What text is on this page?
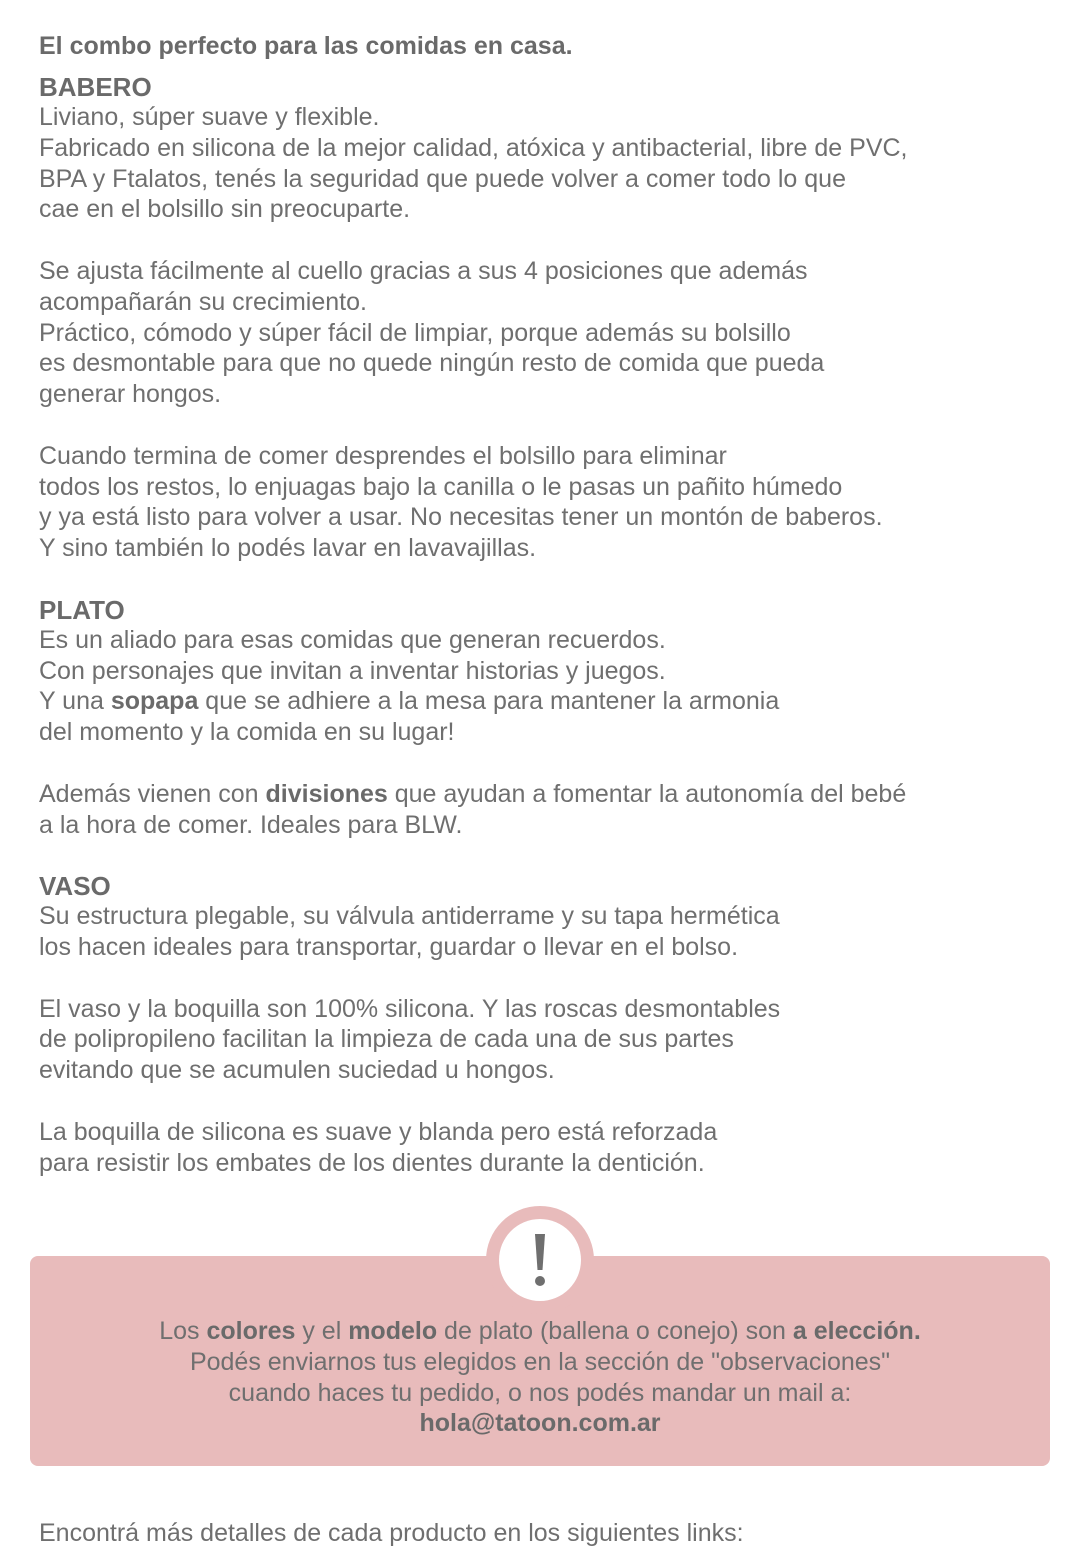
El combo perfecto para las comidas en casa.

BABERO

Liviano, súper suave y flexible.
Fabricado en silicona de la mejor calidad, atóxica y antibacterial, libre de PVC,
BPA y Ftalatos, tenés la seguridad que puede volver a comer todo lo que
cae en el bolsillo sin preocuparte.

Se ajusta fácilmente al cuello gracias a sus 4 posiciones que además
acompañarán su crecimiento.
Práctico, cómodo y súper fácil de limpiar, porque además su bolsillo
es desmontable para que no quede ningún resto de comida que pueda
generar hongos.

Cuando termina de comer desprendes el bolsillo para eliminar
todos los restos, lo enjuagas bajo la canilla o le pasas un pañito húmedo
y ya está listo para volver a usar. No necesitas tener un montón de baberos.
Y sino también lo podés lavar en lavavajillas.

PLATO

Es un aliado para esas comidas que generan recuerdos.
Con personajes que invitan a inventar historias y juegos.
Y una sopapa que se adhiere a la mesa para mantener la armonia
del momento y la comida en su lugar!

Además vienen con divisiones que ayudan a fomentar la autonomía del bebé
a la hora de comer. Ideales para BLW.

VASO

Su estructura plegable, su válvula antiderrame y su tapa hermética
los hacen ideales para transportar, guardar o llevar en el bolso.

El vaso y la boquilla son 100% silicona. Y las roscas desmontables
de polipropileno facilitan la limpieza de cada una de sus partes
evitando que se acumulen suciedad u hongos.

La boquilla de silicona es suave y blanda pero está reforzada
para resistir los embates de los dientes durante la dentición.

Los colores y el modelo de plato (ballena o conejo) son a elección.
Podés enviarnos tus elegidos en la sección de "observaciones"
cuando haces tu pedido, o nos podés mandar un mail a:
hola@tatoon.com.ar
Encontrá más detalles de cada producto en los siguientes links:
